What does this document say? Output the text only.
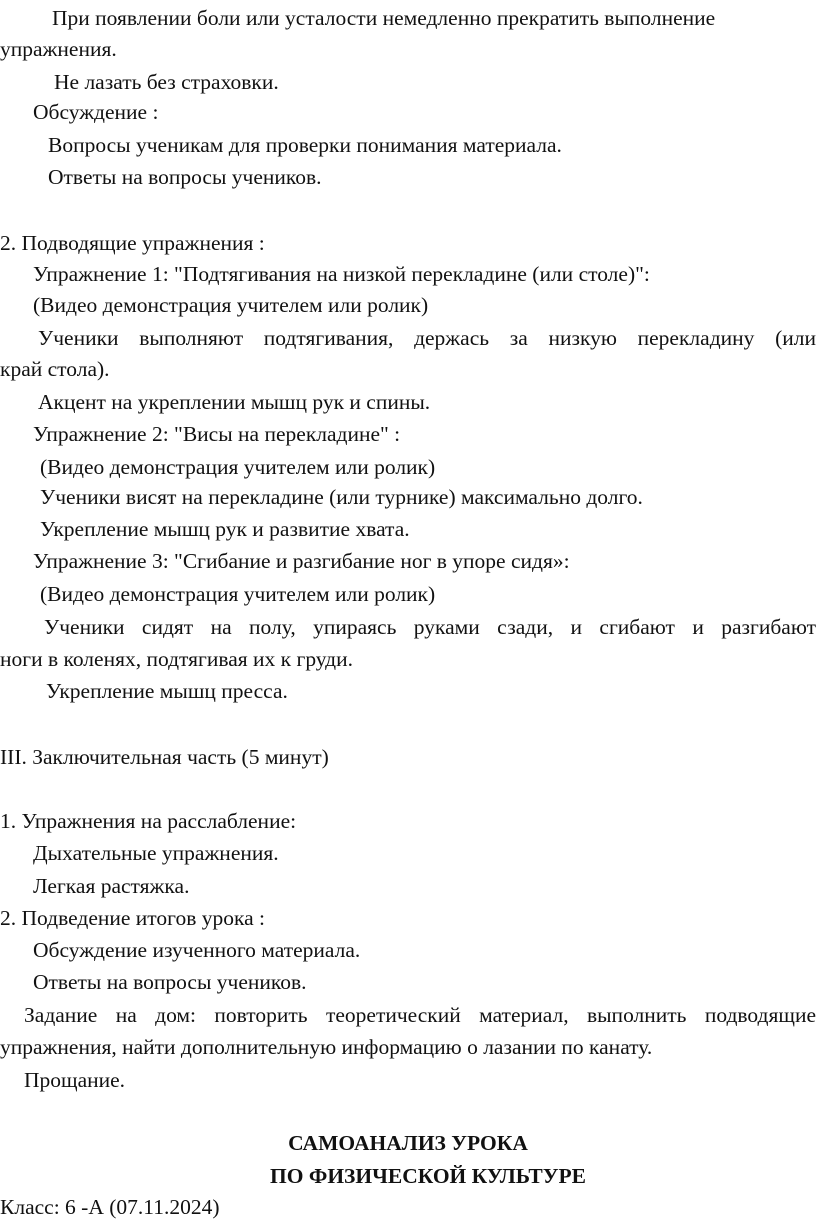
При появлении боли или усталости немедленно прекратить выполнение
упражнения.
Не лазать без страховки.
Обсуждение :
Вопросы ученикам для проверки понимания материала.
Ответы на вопросы учеников.
2. Подводящие упражнения :
Упражнение 1: "Подтягивания на низкой перекладине (или столе)":
(Видео демонстрация учителем или ролик)
Ученики выполняют подтягивания, держась за низкую перекладину (или
край стола).
Акцент на укреплении мышц рук и спины.
Упражнение 2: "Висы на перекладине" :
(Видео демонстрация учителем или ролик)
Ученики висят на перекладине (или турнике) максимально долго.
Укрепление мышц рук и развитие хвата.
Упражнение 3: "Сгибание и разгибание ног в упоре сидя»:
(Видео демонстрация учителем или ролик)
Ученики сидят на полу, упираясь руками сзади, и сгибают и разгибают
ноги в коленях, подтягивая их к груди.
Укрепление мышц пресса.
III. Заключительная часть (5 минут)
1. Упражнения на расслабление:
Дыхательные упражнения.
Легкая растяжка.
2. Подведение итогов урока :
Обсуждение изученного материала.
Ответы на вопросы учеников.
Задание на дом: повторить теоретический материал, выполнить подводящие
упражнения, найти дополнительную информацию о лазании по канату.
Прощание.
САМОАНАЛИЗ УРОКА
ПО ФИЗИЧЕСКОЙ КУЛЬТУРЕ
Класс: 6 -А (07.11.2024)
